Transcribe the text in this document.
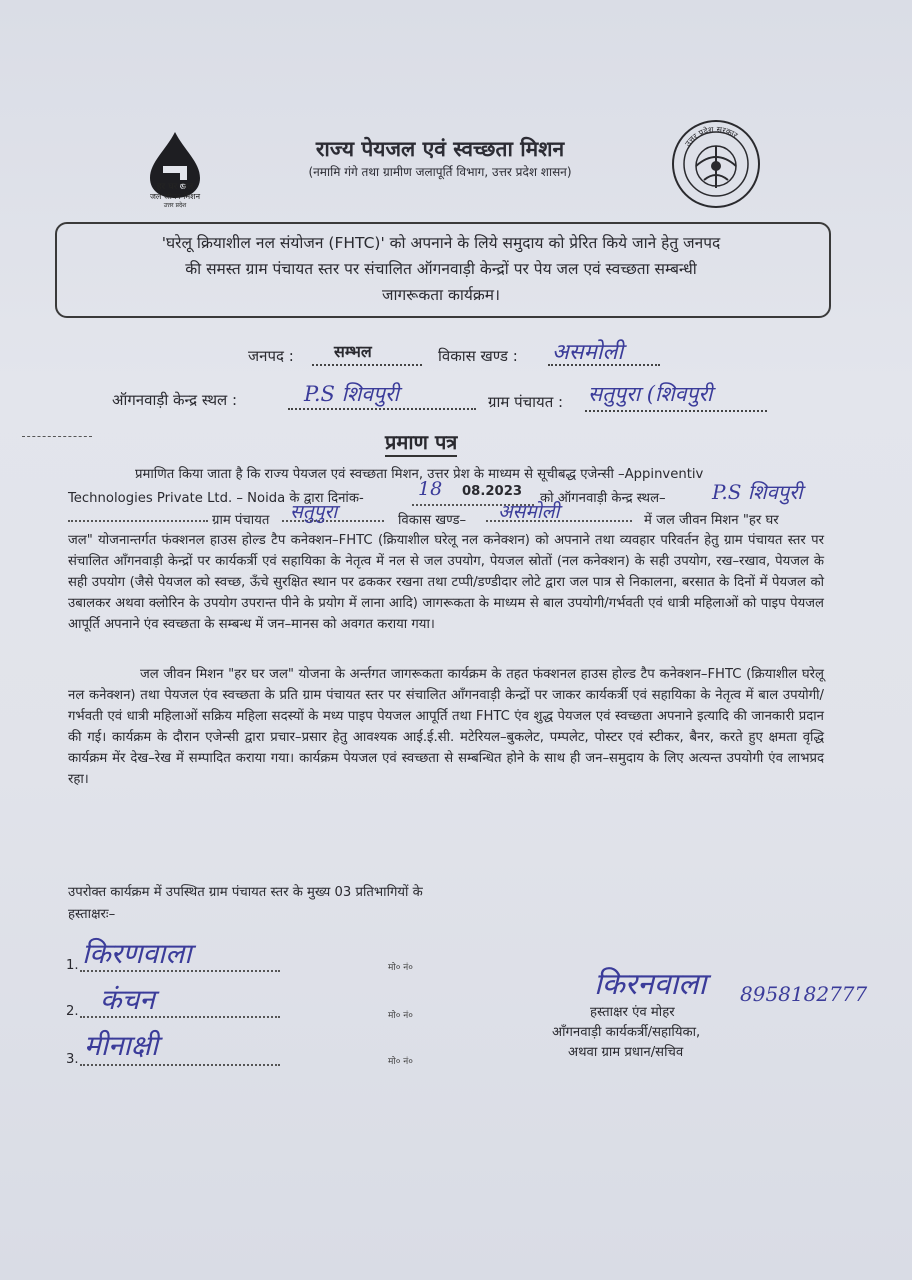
हर घर जल
जल जीवन मिशन
उत्तर प्रदेश
राज्य पेयजल एवं स्वच्छता मिशन
(नमामि गंगे तथा ग्रामीण जलापूर्ति विभाग, उत्तर प्रदेश शासन)
उत्तर प्रदेश सरकार
'घरेलू क्रियाशील नल संयोजन (FHTC)' को अपनाने के लिये समुदाय को प्रेरित किये जाने हेतु जनपद
की समस्त ग्राम पंचायत स्तर पर संचालित ऑगनवाड़ी केन्द्रों पर पेय जल एवं स्वच्छता सम्बन्धी
जागरूकता कार्यक्रम।
जनपद :	सम्भल	विकास खण्ड : असमोली
ऑगनवाड़ी केन्द्र स्थल :	P.S शिवपुरी	ग्राम पंचायत : सतुपुरा (शिवपुरी
प्रमाण पत्र
प्रमाणित किया जाता है कि राज्य पेयजल एवं स्वच्छता मिशन, उत्तर प्रेश के माध्यम से सूचीबद्ध एजेन्सी –Appinventiv
Technologies Private Ltd. – Noida के द्वारा दिनांक-	18 08.2023 को ऑगनवाड़ी केन्द्र स्थल– P.S शिवपुरी
ग्राम पंचायत सतुपुरा	विकास खण्ड– असमोली	में जल जीवन मिशन "हर घर
जल" योजनान्तर्गत फंक्शनल हाउस होल्ड टैप कनेक्शन–FHTC (क्रियाशील घरेलू नल कनेक्शन) को अपनाने तथा व्यवहार परिवर्तन हेतु ग्राम पंचायत स्तर पर संचालित ऑंगनवाड़ी केन्द्रों पर कार्यकर्त्री एवं सहायिका के नेतृत्व में नल से जल उपयोग, पेयजल स्रोतों (नल कनेक्शन) के सही उपयोग, रख–रखाव, पेयजल के सही उपयोग (जैसे पेयजल को स्वच्छ, ऊँचे सुरक्षित स्थान पर ढककर रखना तथा टप्पी/डण्डीदार लोटे द्वारा जल पात्र से निकालना, बरसात के दिनों में पेयजल को उबालकर अथवा क्लोरिन के उपयोग उपरान्त पीने के प्रयोग में लाना आदि) जागरूकता के माध्यम से बाल उपयोगी/गर्भवती एवं धात्री महिलाओं को पाइप पेयजल आपूर्ति अपनाने एंव स्वच्छता के सम्बन्ध में जन–मानस को अवगत कराया गया।
जल जीवन मिशन "हर घर जल" योजना के अर्न्तगत जागरूकता कार्यक्रम के तहत फंक्शनल हाउस होल्ड टैप कनेक्शन–FHTC (क्रियाशील घरेलू नल कनेक्शन) तथा पेयजल एंव स्वच्छता के प्रति ग्राम पंचायत स्तर पर संचालित ऑंगनवाड़ी केन्द्रों पर जाकर कार्यकर्त्री एवं सहायिका के नेतृत्व में बाल उपयोगी/गर्भवती एवं धात्री महिलाओं सक्रिय महिला सदस्यों के मध्य पाइप पेयजल आपूर्ति तथा FHTC एंव शुद्ध पेयजल एवं स्वच्छता अपनाने इत्यादि की जानकारी प्रदान की गई। कार्यक्रम के दौरान एजेन्सी द्वारा प्रचार–प्रसार हेतु आवश्यक आई.ई.सी. मटेरियल–बुकलेट, पम्पलेट, पोस्टर एवं स्टीकर, बैनर, करते हुए क्षमता वृद्धि कार्यक्रम मेंर देख–रेख में सम्पादित कराया गया। कार्यक्रम पेयजल एवं स्वच्छता से सम्बन्धित होने के साथ ही जन–समुदाय के लिए अत्यन्त उपयोगी एंव लाभप्रद रहा।
उपरोक्त कार्यक्रम में उपस्थित ग्राम पंचायत स्तर के मुख्य 03 प्रतिभागियों के
हस्ताक्षरः–
1. किरणवाला	मो० नं०
2. कंचन	मो० नं०
3. मीनाक्षी	मो० नं०
किरनवाला 8958182777
हस्ताक्षर एंव मोहर
ऑंगनवाड़ी कार्यकर्त्री/सहायिका,
अथवा ग्राम प्रधान/सचिव
